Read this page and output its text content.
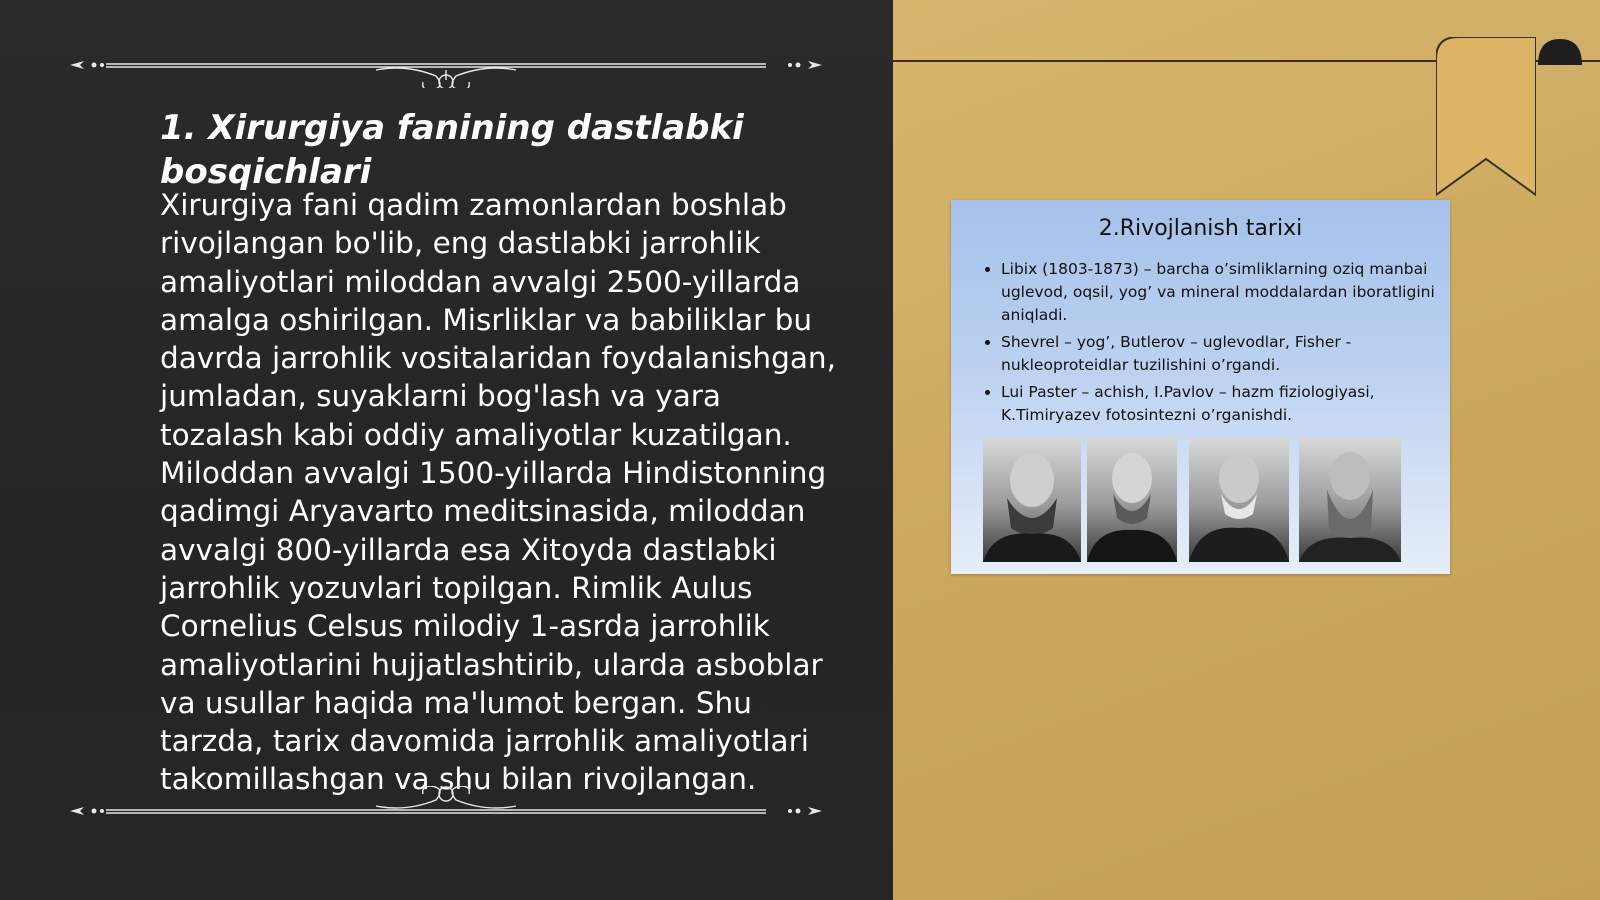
1. Xirurgiya fanining dastlabki bosqichlari

Xirurgiya fani qadim zamonlardan boshlab rivojlangan bo'lib, eng dastlabki jarrohlik amaliyotlari miloddan avvalgi 2500-yillarda amalga oshirilgan. Misrliklar va babiliklar bu davrda jarrohlik vositalaridan foydalanishgan, jumladan, suyaklarni bog'lash va yara tozalash kabi oddiy amaliyotlar kuzatilgan. Miloddan avvalgi 1500-yillarda Hindistonning qadimgi Aryavarto meditsinasida, miloddan avvalgi 800-yillarda esa Xitoyda dastlabki jarrohlik yozuvlari topilgan. Rimlik Aulus Cornelius Celsus milodiy 1-asrda jarrohlik amaliyotlarini hujjatlashtirib, ularda asboblar va usullar haqida ma'lumot bergan. Shu tarzda, tarix davomida jarrohlik amaliyotlari takomillashgan va shu bilan rivojlangan.

2.Rivojlanish tarixi
• Libix (1803-1873) – barcha o’simliklarning oziq manbai uglevod, oqsil, yog’ va mineral moddalardan iboratligini aniqladi.
• Shevrel – yog’, Butlerov – uglevodlar, Fisher - nukleoproteidlar tuzilishini o’rgandi.
• Lui Paster – achish, I.Pavlov – hazm fiziologiyasi, K.Timiryazev fotosintezni o’rganishdi.
